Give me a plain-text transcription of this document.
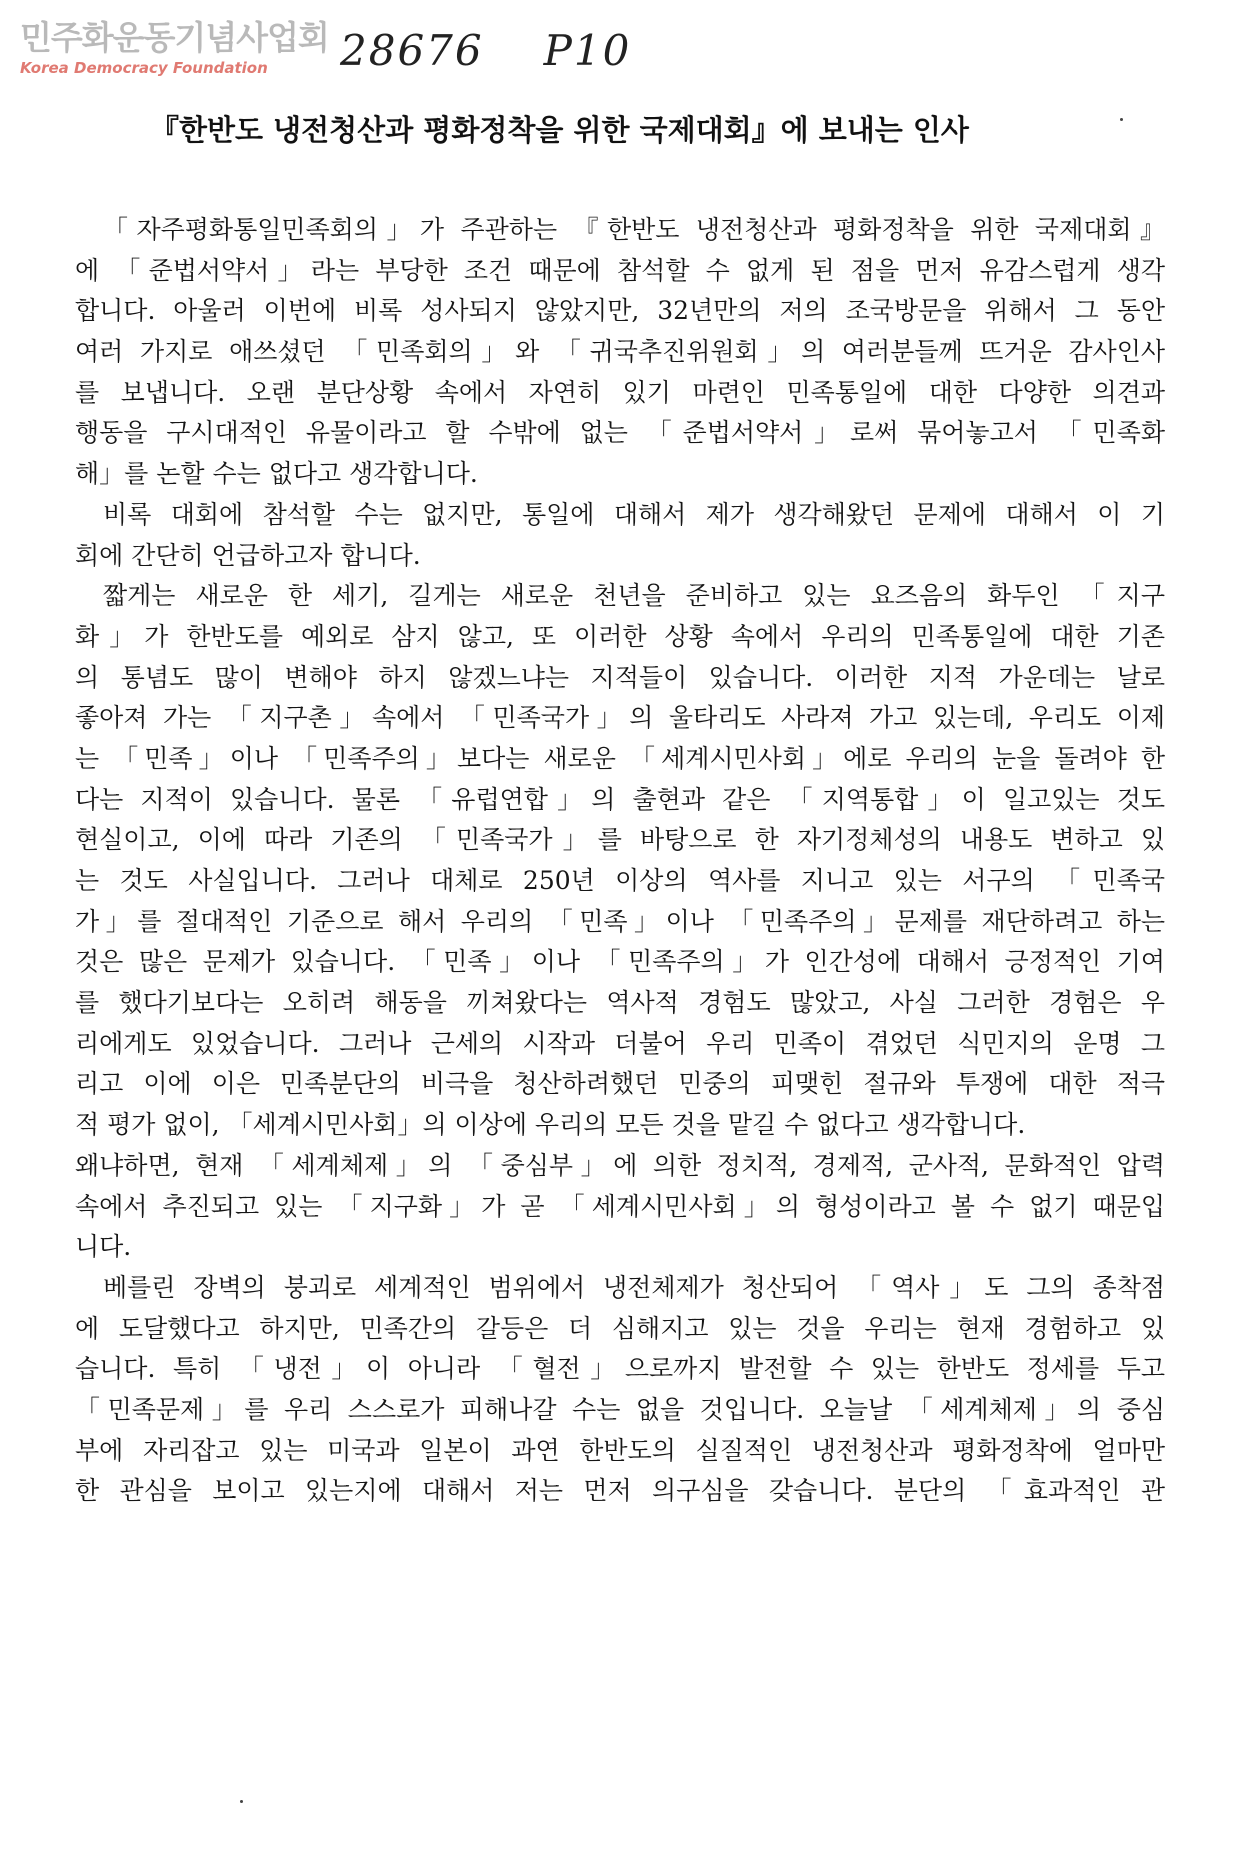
민주화운동기념사업회
Korea Democracy Foundation	28676 P10
『한반도 냉전청산과 평화정착을 위한 국제대회』에 보내는 인사
「자주평화통일민족회의」가 주관하는 『한반도 냉전청산과 평화정착을 위한 국제대회』
에 「준법서약서」라는 부당한 조건 때문에 참석할 수 없게 된 점을 먼저 유감스럽게 생각
합니다. 아울러 이번에 비록 성사되지 않았지만, 32년만의 저의 조국방문을 위해서 그 동안
여러 가지로 애쓰셨던 「민족회의」와 「귀국추진위원회」의 여러분들께 뜨거운 감사인사
를 보냅니다. 오랜 분단상황 속에서 자연히 있기 마련인 민족통일에 대한 다양한 의견과
행동을 구시대적인 유물이라고 할 수밖에 없는 「준법서약서」로써 묶어놓고서 「민족화
해」를 논할 수는 없다고 생각합니다.
비록 대회에 참석할 수는 없지만, 통일에 대해서 제가 생각해왔던 문제에 대해서 이 기
회에 간단히 언급하고자 합니다.
짧게는 새로운 한 세기, 길게는 새로운 천년을 준비하고 있는 요즈음의 화두인 「지구
화」가 한반도를 예외로 삼지 않고, 또 이러한 상황 속에서 우리의 민족통일에 대한 기존
의 통념도 많이 변해야 하지 않겠느냐는 지적들이 있습니다. 이러한 지적 가운데는 날로
좋아져 가는 「지구촌」속에서 「민족국가」의 울타리도 사라져 가고 있는데, 우리도 이제
는 「민족」이나 「민족주의」보다는 새로운 「세계시민사회」에로 우리의 눈을 돌려야 한
다는 지적이 있습니다. 물론 「유럽연합」의 출현과 같은 「지역통합」이 일고있는 것도
현실이고, 이에 따라 기존의 「민족국가」를 바탕으로 한 자기정체성의 내용도 변하고 있
는 것도 사실입니다. 그러나 대체로 250년 이상의 역사를 지니고 있는 서구의 「민족국
가」를 절대적인 기준으로 해서 우리의 「민족」이나 「민족주의」문제를 재단하려고 하는
것은 많은 문제가 있습니다. 「민족」이나 「민족주의」가 인간성에 대해서 긍정적인 기여
를 했다기보다는 오히려 해동을 끼쳐왔다는 역사적 경험도 많았고, 사실 그러한 경험은 우
리에게도 있었습니다. 그러나 근세의 시작과 더불어 우리 민족이 겪었던 식민지의 운명 그
리고 이에 이은 민족분단의 비극을 청산하려했던 민중의 피맺힌 절규와 투쟁에 대한 적극
적 평가 없이, 「세계시민사회」의 이상에 우리의 모든 것을 맡길 수 없다고 생각합니다.
왜냐하면, 현재 「세계체제」의 「중심부」에 의한 정치적, 경제적, 군사적, 문화적인 압력
속에서 추진되고 있는 「지구화」가 곧 「세계시민사회」의 형성이라고 볼 수 없기 때문입
니다.
베를린 장벽의 붕괴로 세계적인 범위에서 냉전체제가 청산되어 「역사」도 그의 종착점
에 도달했다고 하지만, 민족간의 갈등은 더 심해지고 있는 것을 우리는 현재 경험하고 있
습니다. 특히 「냉전」이 아니라 「혈전」으로까지 발전할 수 있는 한반도 정세를 두고
「민족문제」를 우리 스스로가 피해나갈 수는 없을 것입니다. 오늘날 「세계체제」의 중심
부에 자리잡고 있는 미국과 일본이 과연 한반도의 실질적인 냉전청산과 평화정착에 얼마만
한 관심을 보이고 있는지에 대해서 저는 먼저 의구심을 갖습니다. 분단의 「효과적인 관
